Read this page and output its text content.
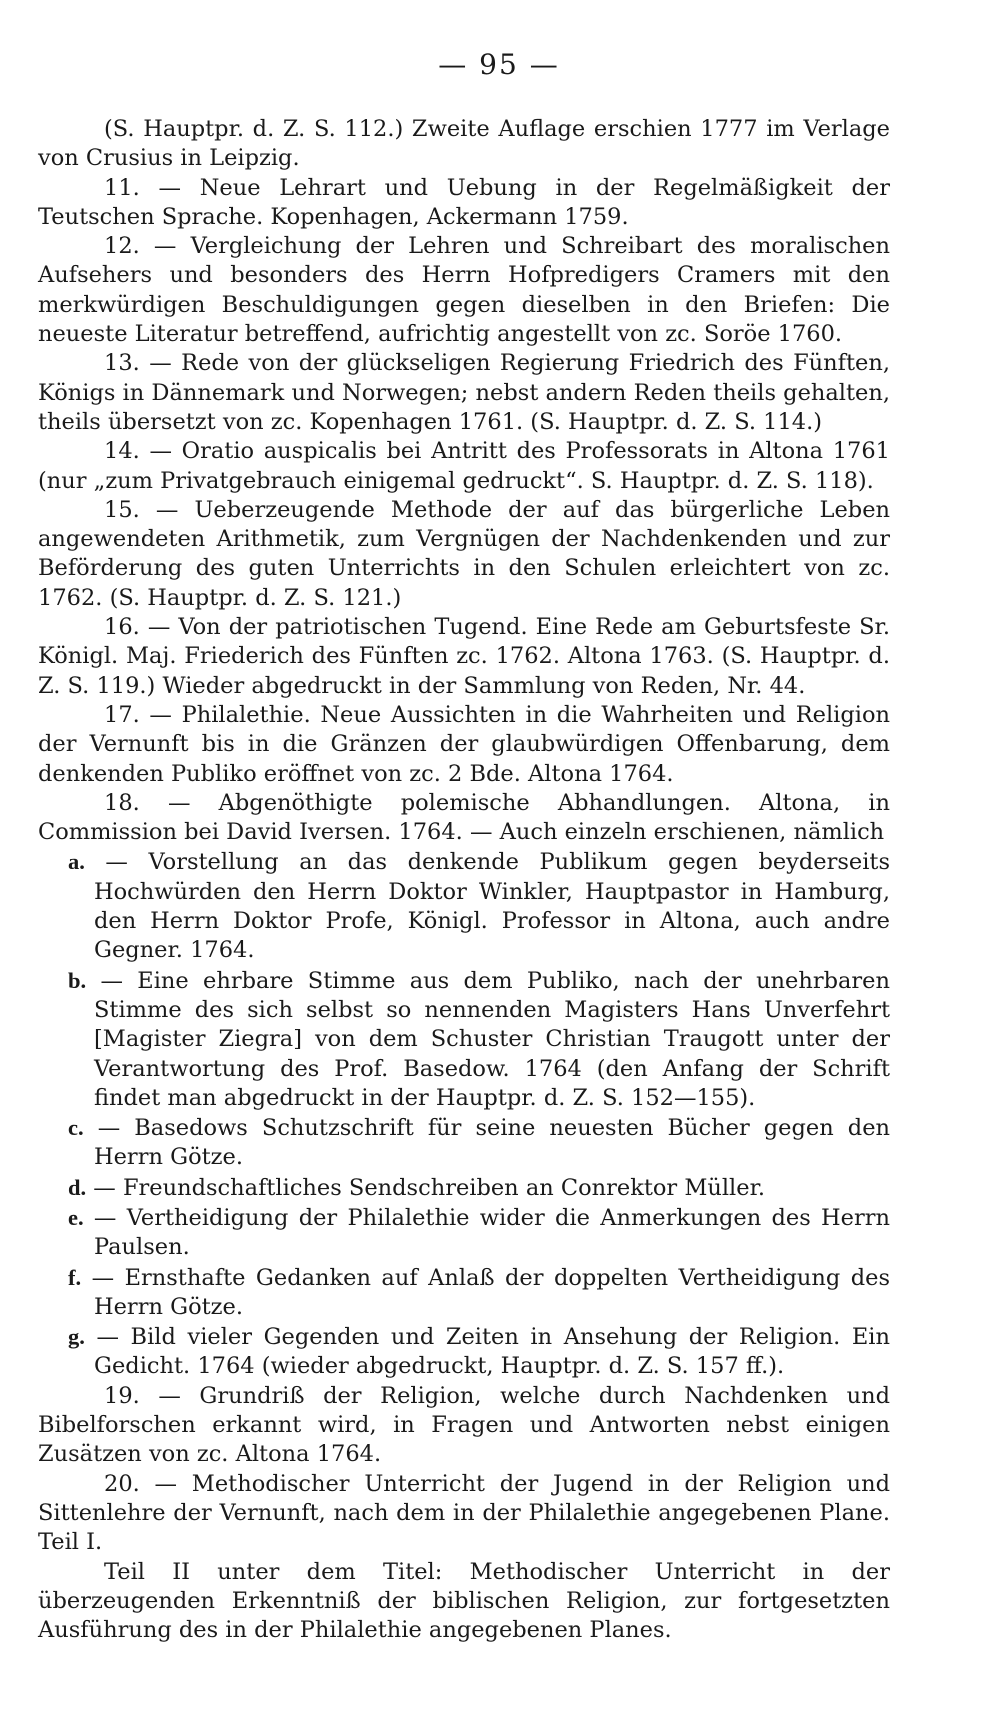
— 95 —

(S. Hauptpr. d. Z. S. 112.) Zweite Auflage erschien 1777 im Verlage von Crusius in Leipzig.

11. — Neue Lehrart und Uebung in der Regelmäßigkeit der Teutschen Sprache. Kopenhagen, Ackermann 1759.

12. — Vergleichung der Lehren und Schreibart des moralischen Aufsehers und besonders des Herrn Hofpredigers Cramers mit den merkwürdigen Beschuldigungen gegen dieselben in den Briefen: Die neueste Literatur betreffend, aufrichtig angestellt von zc. Soröe 1760.

13. — Rede von der glückseligen Regierung Friedrich des Fünften, Königs in Dännemark und Norwegen; nebst andern Reden theils gehalten, theils übersetzt von zc. Kopenhagen 1761. (S. Hauptpr. d. Z. S. 114.)

14. — Oratio auspicalis bei Antritt des Professorats in Altona 1761 (nur „zum Privatgebrauch einigemal gedruckt“. S. Hauptpr. d. Z. S. 118).

15. — Ueberzeugende Methode der auf das bürgerliche Leben angewendeten Arithmetik, zum Vergnügen der Nachdenkenden und zur Beförderung des guten Unterrichts in den Schulen erleichtert von zc. 1762. (S. Hauptpr. d. Z. S. 121.)

16. — Von der patriotischen Tugend. Eine Rede am Geburtsfeste Sr. Königl. Maj. Friederich des Fünften zc. 1762. Altona 1763. (S. Hauptpr. d. Z. S. 119.) Wieder abgedruckt in der Sammlung von Reden, Nr. 44.

17. — Philalethie. Neue Aussichten in die Wahrheiten und Religion der Vernunft bis in die Gränzen der glaubwürdigen Offenbarung, dem denkenden Publiko eröffnet von zc. 2 Bde. Altona 1764.

18. — Abgenöthigte polemische Abhandlungen. Altona, in Commission bei David Iversen. 1764. — Auch einzeln erschienen, nämlich

a. — Vorstellung an das denkende Publikum gegen beyderseits Hochwürden den Herrn Doktor Winkler, Hauptpastor in Hamburg, den Herrn Doktor Profe, Königl. Professor in Altona, auch andre Gegner. 1764.

b. — Eine ehrbare Stimme aus dem Publiko, nach der unehrbaren Stimme des sich selbst so nennenden Magisters Hans Unverfehrt [Magister Ziegra] von dem Schuster Christian Traugott unter der Verantwortung des Prof. Basedow. 1764 (den Anfang der Schrift findet man abgedruckt in der Hauptpr. d. Z. S. 152—155).

c. — Basedows Schutzschrift für seine neuesten Bücher gegen den Herrn Götze.

d. — Freundschaftliches Sendschreiben an Conrektor Müller.

e. — Vertheidigung der Philalethie wider die Anmerkungen des Herrn Paulsen.

f. — Ernsthafte Gedanken auf Anlaß der doppelten Vertheidigung des Herrn Götze.

g. — Bild vieler Gegenden und Zeiten in Ansehung der Religion. Ein Gedicht. 1764 (wieder abgedruckt, Hauptpr. d. Z. S. 157 ff.).

19. — Grundriß der Religion, welche durch Nachdenken und Bibelforschen erkannt wird, in Fragen und Antworten nebst einigen Zusätzen von zc. Altona 1764.

20. — Methodischer Unterricht der Jugend in der Religion und Sittenlehre der Vernunft, nach dem in der Philalethie angegebenen Plane. Teil I.

Teil II unter dem Titel: Methodischer Unterricht in der überzeugenden Erkenntniß der biblischen Religion, zur fortgesetzten Ausführung des in der Philalethie angegebenen Planes.
